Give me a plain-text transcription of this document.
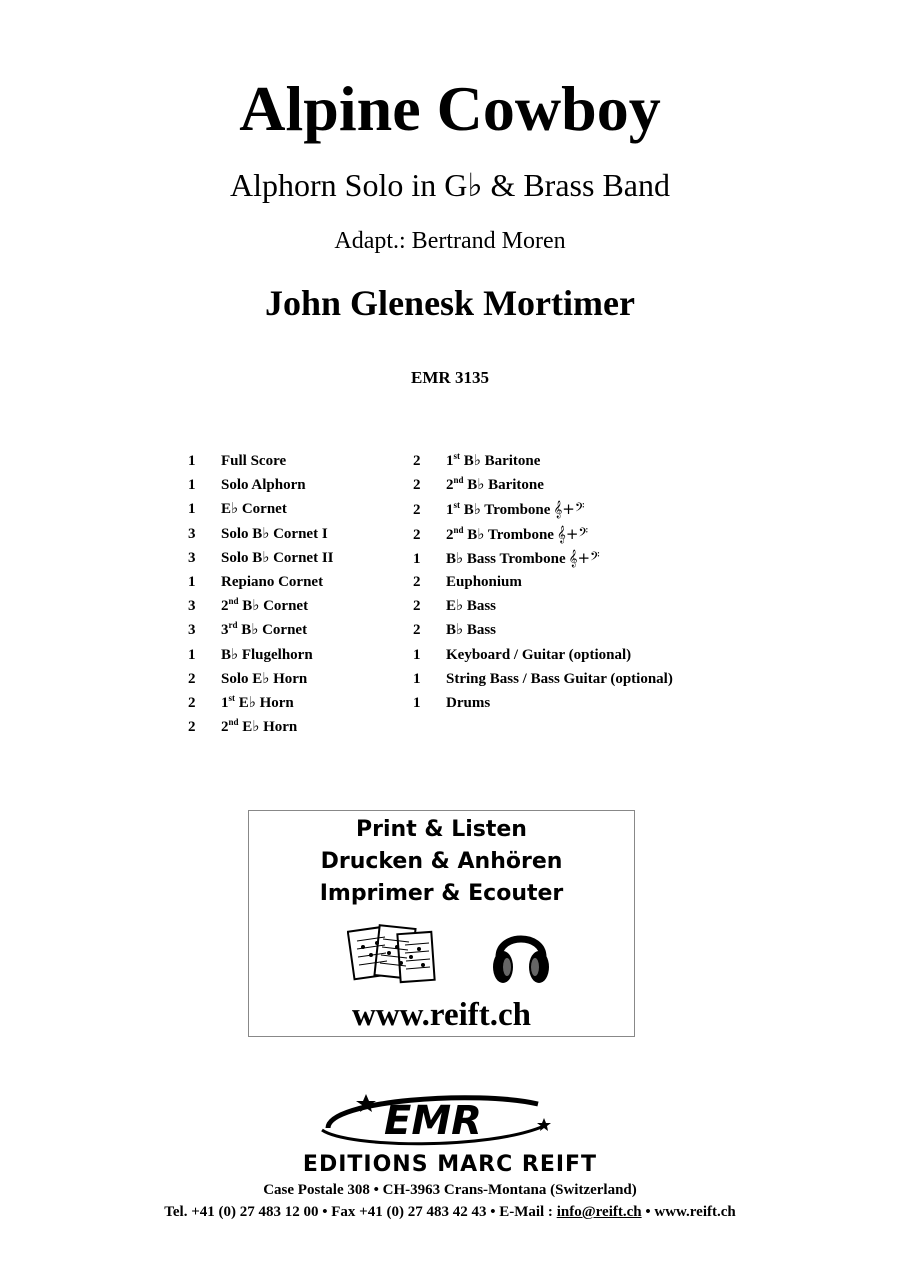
Alpine Cowboy
Alphorn Solo in G♭ & Brass Band
Adapt.: Bertrand Moren
John Glenesk Mortimer
EMR 3135
1 Full Score
1 Solo Alphorn
1 E♭ Cornet
3 Solo B♭ Cornet I
3 Solo B♭ Cornet II
1 Repiano Cornet
3 2nd B♭ Cornet
3 3rd B♭ Cornet
1 B♭ Flugelhorn
2 Solo E♭ Horn
2 1st E♭ Horn
2 2nd E♭ Horn
2 1st B♭ Baritone
2 2nd B♭ Baritone
2 1st B♭ Trombone 𝄞+𝄢
2 2nd B♭ Trombone 𝄞+𝄢
1 B♭ Bass Trombone 𝄞+𝄢
2 Euphonium
2 E♭ Bass
2 B♭ Bass
1 Keyboard / Guitar (optional)
1 String Bass / Bass Guitar (optional)
1 Drums
Print & Listen
Drucken & Anhören
Imprimer & Ecouter
www.reift.ch
EMR
EDITIONS MARC REIFT
Case Postale 308 • CH-3963 Crans-Montana (Switzerland)
Tel. +41 (0) 27 483 12 00 • Fax +41 (0) 27 483 42 43 • E-Mail : info@reift.ch • www.reift.ch
